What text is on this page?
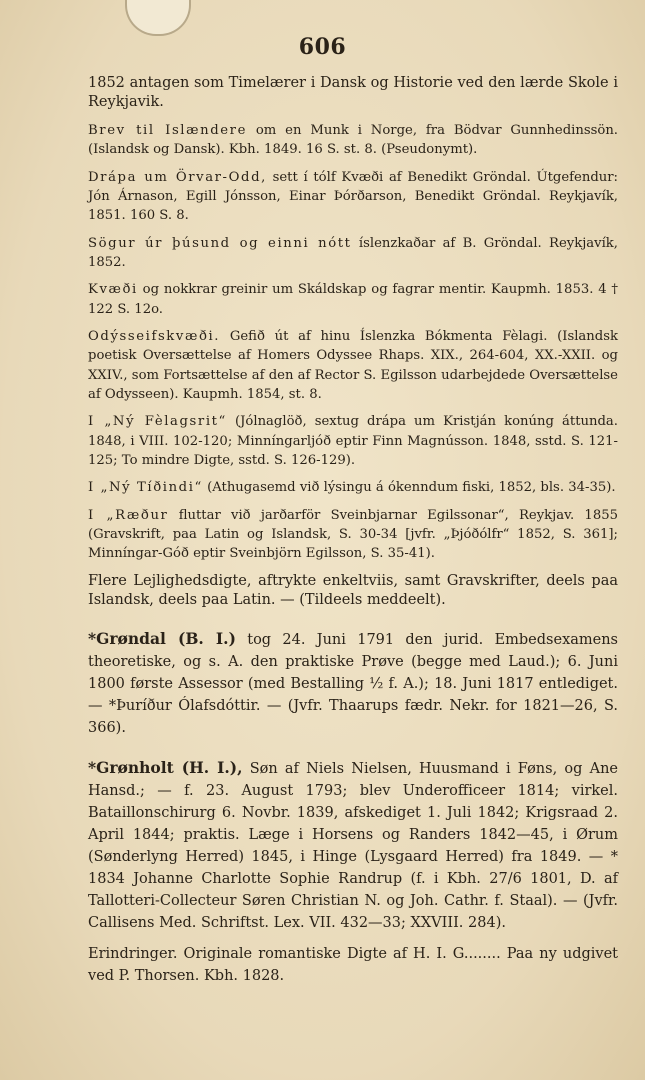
606
1852 antagen som Timelærer i Dansk og Historie ved den lærde Skole i Reykjavik.
Brev til Islændere om en Munk i Norge, fra Bödvar Gunnhedinssön. (Islandsk og Dansk). Kbh. 1849. 16 S. st. 8. (Pseudonymt).
Drápa um Örvar-Odd, sett í tólf Kvæði af Benedikt Gröndal. Útgefendur: Jón Árnason, Egill Jónsson, Einar Þórðarson, Benedikt Gröndal. Reykjavík, 1851. 160 S. 8.
Sögur úr þúsund og einni nótt íslenzkaðar af B. Gröndal. Reykjavík, 1852.
Kvæði og nokkrar greinir um Skáldskap og fagrar mentir. Kaupmh. 1853. 4 † 122 S. 12o.
Odýsseifskvæði. Gefið út af hinu Íslenzka Bókmenta Fèlagi. (Islandsk poetisk Oversættelse af Homers Odyssee Rhaps. XIX., 264-604, XX.-XXII. og XXIV., som Fortsættelse af den af Rector S. Egilsson udarbejdede Oversættelse af Odysseen). Kaupmh. 1854, st. 8.
I „Ný Fèlagsrit“ (Jólnaglöð, sextug drápa um Kristján konúng áttunda. 1848, i VIII. 102-120; Minníngarljóð eptir Finn Magnússon. 1848, sstd. S. 121-125; To mindre Digte, sstd. S. 126-129).
I „Ný Tíðindi“ (Athugasemd við lýsingu á ókenndum fiski, 1852, bls. 34-35).
I „Ræður fluttar við jarðarför Sveinbjarnar Egilssonar“, Reykjav. 1855 (Gravskrift, paa Latin og Islandsk, S. 30-34 [jvfr. „Þjóðólfr“ 1852, S. 361]; Minníngar-Góð eptir Sveinbjörn Egilsson, S. 35-41).
Flere Lejlighedsdigte, aftrykte enkeltviis, samt Gravskrifter, deels paa Islandsk, deels paa Latin. — (Tildeels meddeelt).
*Grøndal (B. I.) tog 24. Juni 1791 den jurid. Embedsexamens theoretiske, og s. A. den praktiske Prøve (begge med Laud.); 6. Juni 1800 første Assessor (med Bestalling ½ f. A.); 18. Juni 1817 entlediget. — *Þuríður Ólafsdóttir. — (Jvfr. Thaarups fædr. Nekr. for 1821—26, S. 366).
*Grønholt (H. I.), Søn af Niels Nielsen, Huusmand i Føns, og Ane Hansd.; — f. 23. August 1793; blev Underofficeer 1814; virkel. Bataillonschirurg 6. Novbr. 1839, afskediget 1. Juli 1842; Krigsraad 2. April 1844; praktis. Læge i Horsens og Randers 1842—45, i Ørum (Sønderlyng Herred) 1845, i Hinge (Lysgaard Herred) fra 1849. — * 1834 Johanne Charlotte Sophie Randrup (f. i Kbh. 27/6 1801, D. af Tallotteri-Collecteur Søren Christian N. og Joh. Cathr. f. Staal). — (Jvfr. Callisens Med. Schriftst. Lex. VII. 432—33; XXVIII. 284).
Erindringer. Originale romantiske Digte af H. I. G........ Paa ny udgivet ved P. Thorsen. Kbh. 1828.
